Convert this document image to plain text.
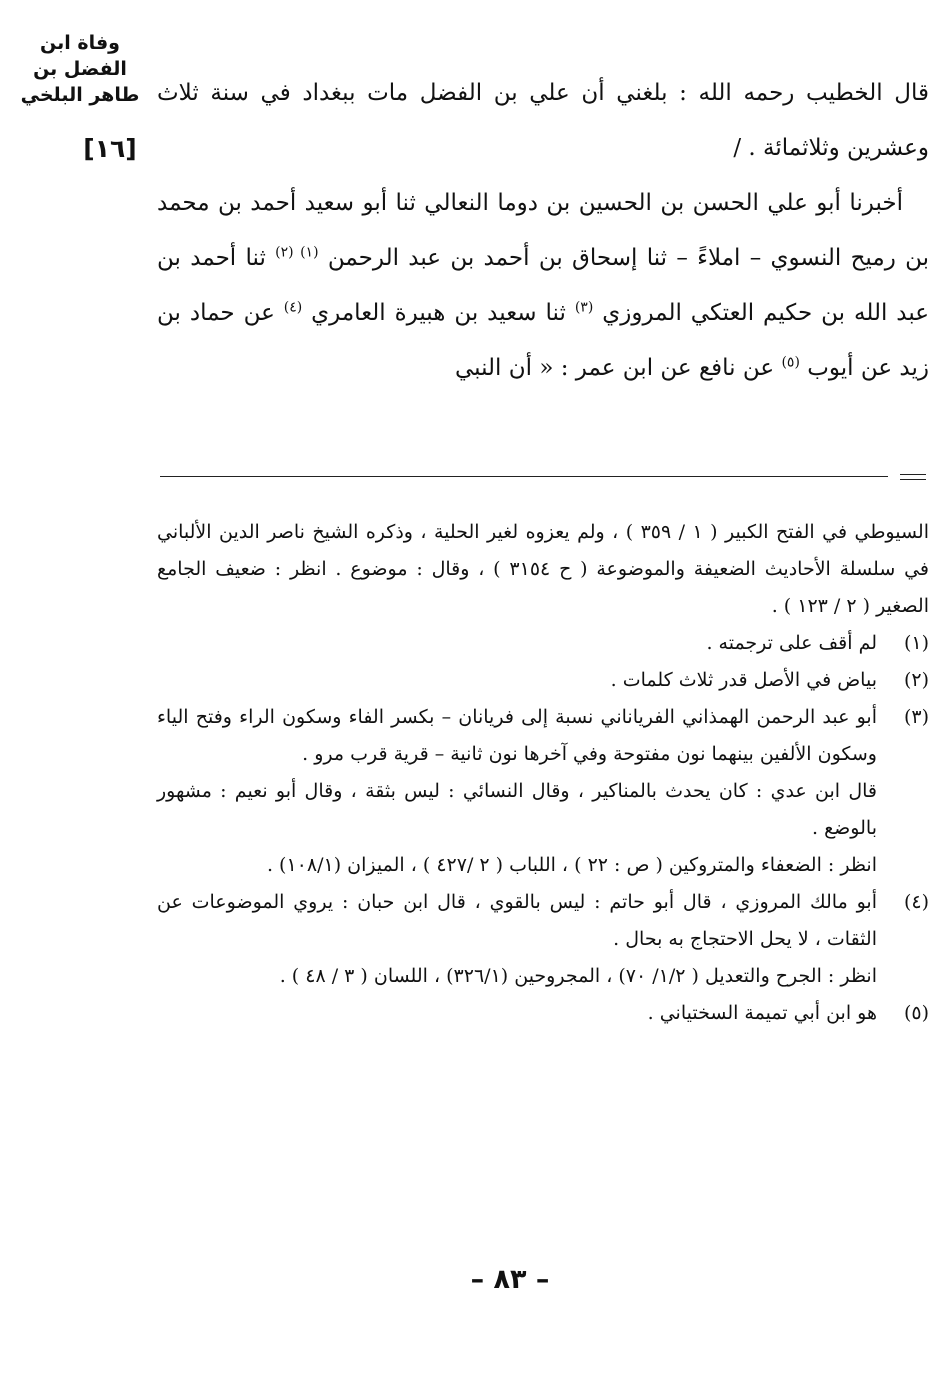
وفاة ابن الفضل بن طاهر البلخي
[١٦]

قال الخطيب رحمه الله : بلغني أن علي بن الفضل مات ببغداد في سنة ثلاث وعشرين وثلاثمائة . /

أخبرنا أبو علي الحسن بن الحسين بن دوما النعالي ثنا أبو سعيد أحمد بن محمد بن رميح النسوي – املاءً – ثنا إسحاق بن أحمد بن عبد الرحمن $^{(١) (٢)}$ ثنا أحمد بن عبد الله بن حكيم العتكي المروزي $^{(٣)}$ ثنا سعيد بن هبيرة العامري $^{(٤)}$ عن حماد بن زيد عن أيوب $^{(٥)}$ عن نافع عن ابن عمر : « أن النبي

السيوطي في الفتح الكبير ( ١ / ٣٥٩ ) ، ولم يعزوه لغير الحلية ، وذكره الشيخ ناصر الدين الألباني في سلسلة الأحاديث الضعيفة والموضوعة ( ح ٣١٥٤ ) ، وقال : موضوع . انظر : ضعيف الجامع الصغير ( ٢ / ١٢٣ ) .

(١)

لم أقف على ترجمته .

(٢)

بياض في الأصل قدر ثلاث كلمات .

(٣)

أبو عبد الرحمن الهمذاني الفرياناني نسبة إلى فريانان – بكسر الفاء وسكون الراء وفتح الياء وسكون الألفين بينهما نون مفتوحة وفي آخرها نون ثانية – قرية قرب مرو .

قال ابن عدي : كان يحدث بالمناكير ، وقال النسائي : ليس بثقة ، وقال أبو نعيم : مشهور بالوضع .

انظر : الضعفاء والمتروكين ( ص : ٢٢ ) ، اللباب ( ٢ /٤٢٧ ) ، الميزان (١٠٨/١) .

(٤)

أبو مالك المروزي ، قال أبو حاتم : ليس بالقوي ، قال ابن حبان : يروي الموضوعات عن الثقات ، لا يحل الاحتجاج به بحال .

انظر : الجرح والتعديل ( ١/٢/ ٧٠) ، المجروحين (٣٢٦/١) ، اللسان ( ٣ / ٤٨ ) .

(٥)

هو ابن أبي تميمة السختياني .

– ٨٣ –
